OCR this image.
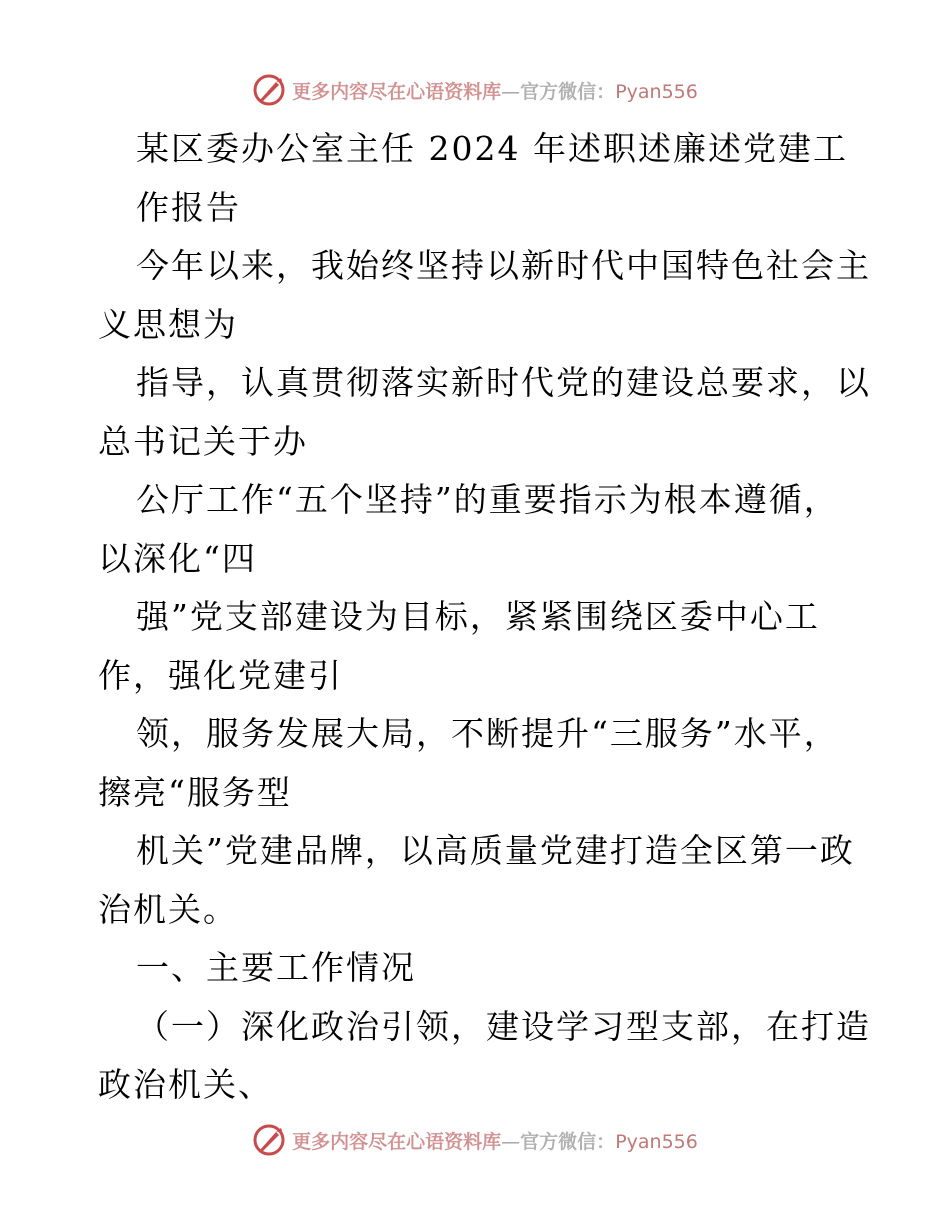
更多内容尽在心语资料库—官方微信：Pyan556
某区委办公室主任 2024 年述职述廉述党建工
作报告
今年以来，我始终坚持以新时代中国特色社会主
义思想为
指导，认真贯彻落实新时代党的建设总要求，以
总书记关于办
公厅工作“五个坚持”的重要指示为根本遵循，
以深化“四
强”党支部建设为目标，紧紧围绕区委中心工
作，强化党建引
领，服务发展大局，不断提升“三服务”水平，
擦亮“服务型
机关”党建品牌，以高质量党建打造全区第一政
治机关。
一、主要工作情况
（一）深化政治引领，建设学习型支部，在打造
政治机关、
更多内容尽在心语资料库—官方微信：Pyan556
